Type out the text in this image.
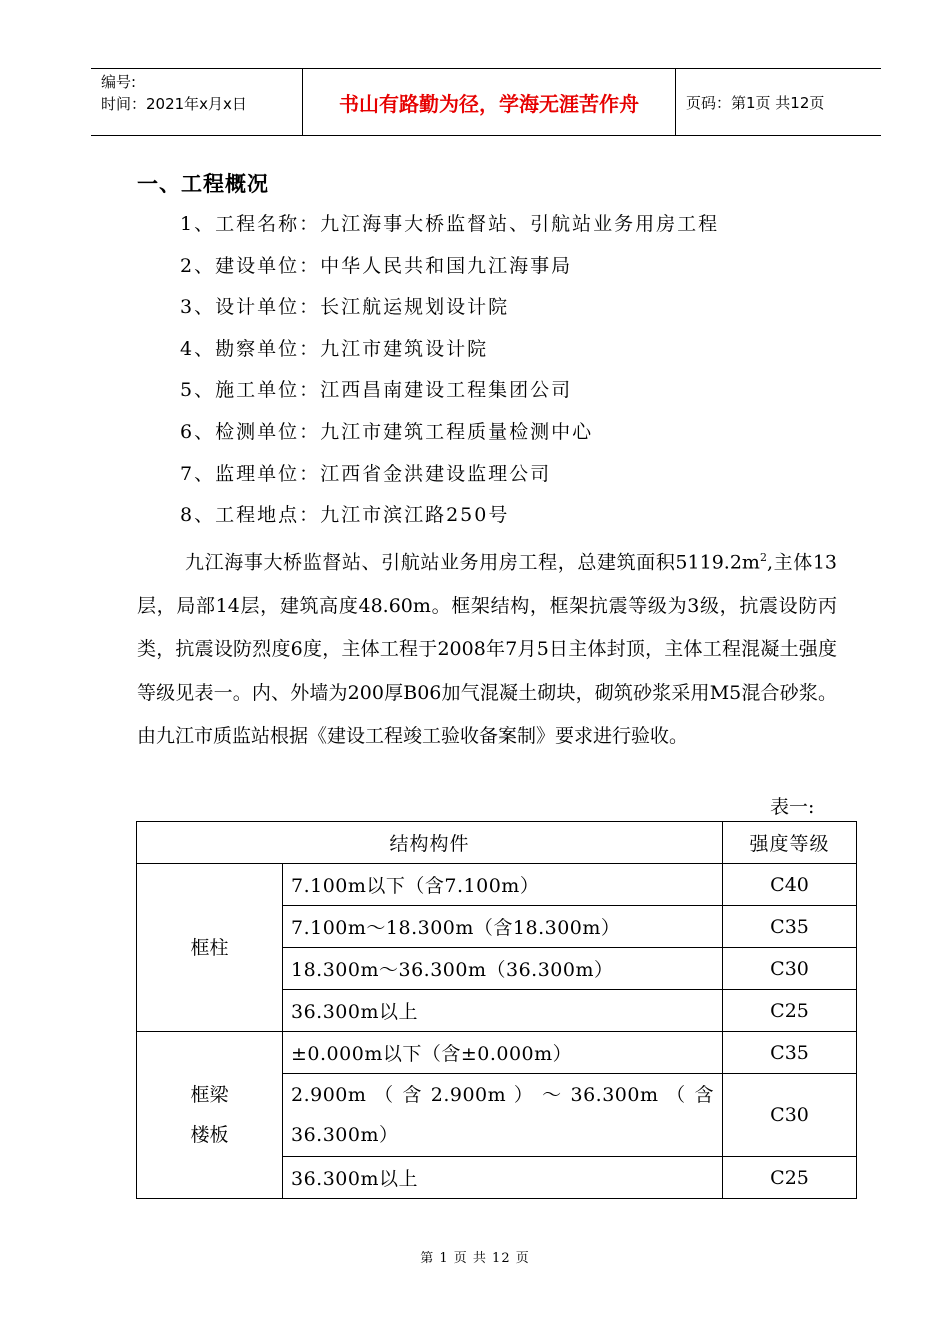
编号:
时间：2021年x月x日	书山有路勤为径，学海无涯苦作舟	页码：第1页 共12页
一、工程概况
1、工程名称：九江海事大桥监督站、引航站业务用房工程
2、建设单位：中华人民共和国九江海事局
3、设计单位：长江航运规划设计院
4、勘察单位：九江市建筑设计院
5、施工单位：江西昌南建设工程集团公司
6、检测单位：九江市建筑工程质量检测中心
7、监理单位：江西省金洪建设监理公司
8、工程地点：九江市滨江路250号
九江海事大桥监督站、引航站业务用房工程，总建筑面积$5119.2m^2$,主体13层，局部14层，建筑高度48.60m。框架结构，框架抗震等级为3级，抗震设防丙类，抗震设防烈度6度，主体工程于2008年7月5日主体封顶，主体工程混凝土强度等级见表一。内、外墙为200厚B06加气混凝土砌块，砌筑砂浆采用M5混合砂浆。由九江市质监站根据《建设工程竣工验收备案制》要求进行验收。
表一:
结构构件		强度等级
框柱	7.100m以下（含7.100m）	C40
	7.100m～18.300m（含18.300m）	C35
	18.300m～36.300m（36.300m）	C30
	36.300m以上	C25

框梁
楼板	±0.000m以下（含±0.000m）	C35
	2.900m （ 含 2.900m ） ～ 36.300m （ 含 36.300m）	C30
	36.300m以上	C25
第 1 页 共 12 页
